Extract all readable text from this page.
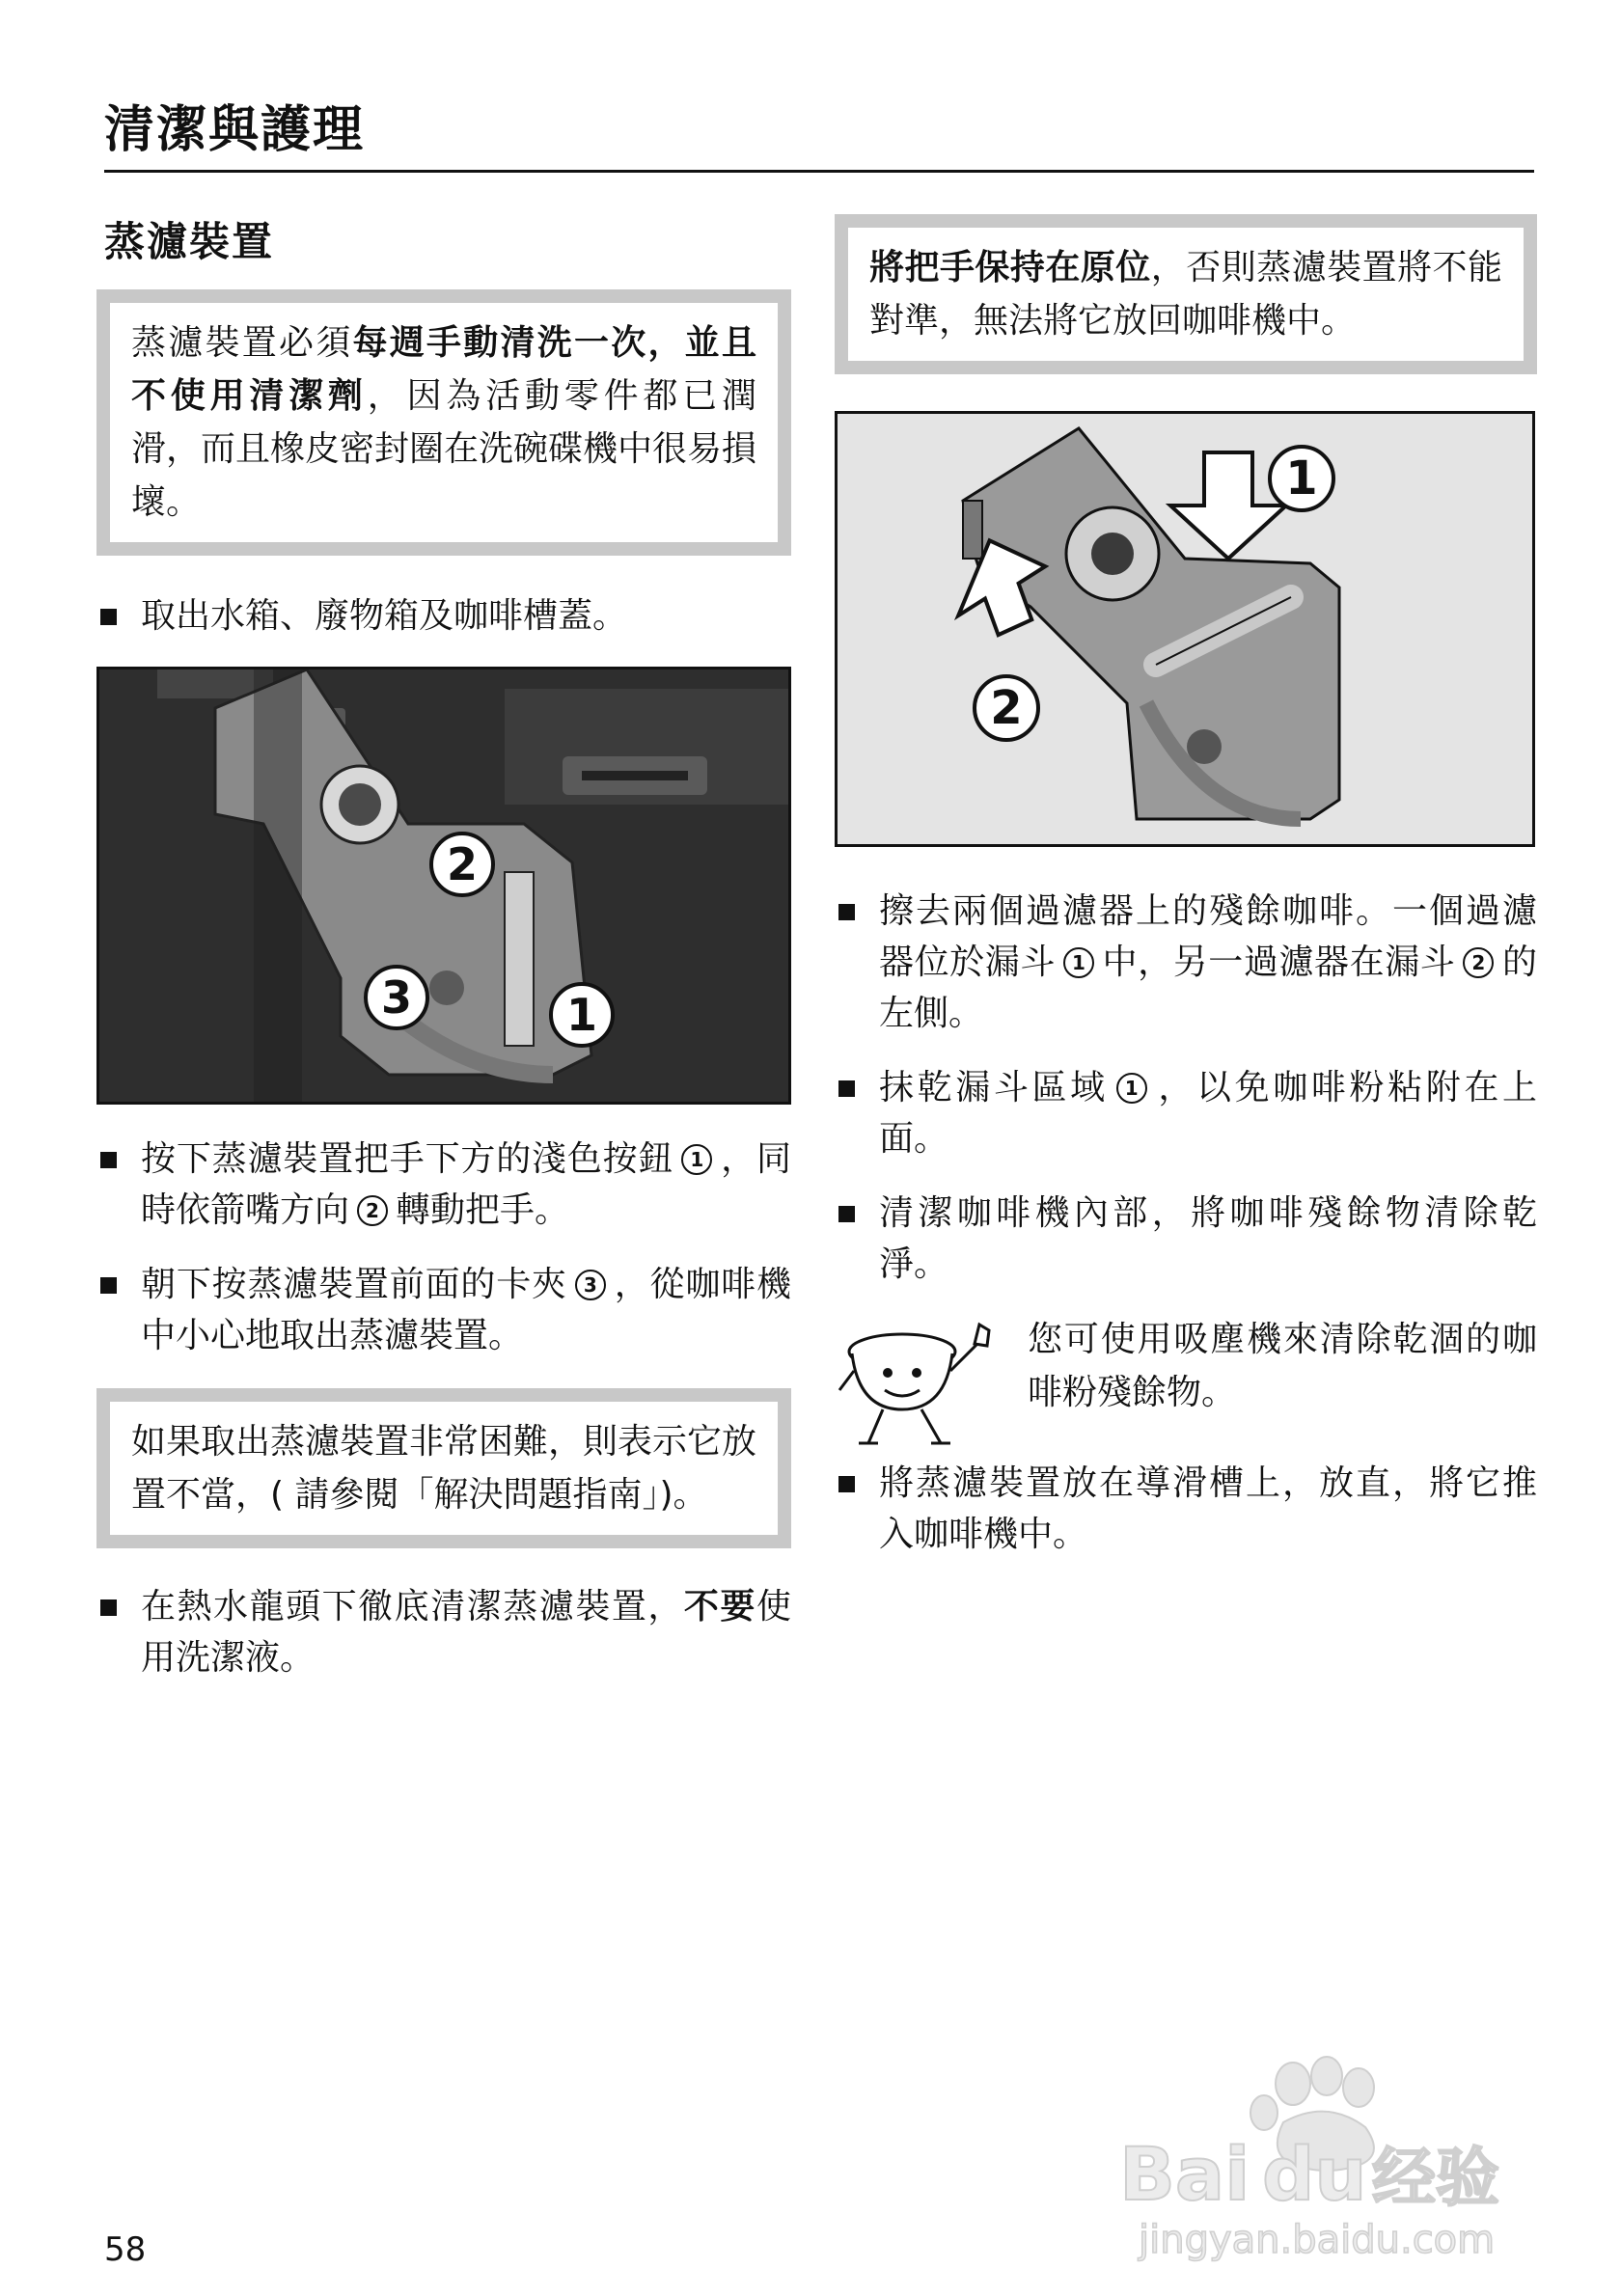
清潔與護理
蒸濾裝置
蒸濾裝置必須每週手動清洗一次，並且不使用清潔劑，因為活動零件都已潤滑，而且橡皮密封圈在洗碗碟機中很易損壞。

取出水箱、廢物箱及咖啡槽蓋。

2
3	1

按下蒸濾裝置把手下方的淺色按鈕 1 ，同時依箭嘴方向 2 轉動把手。

朝下按蒸濾裝置前面的卡夾 3 ，從咖啡機中小心地取出蒸濾裝置。

如果取出蒸濾裝置非常困難，則表示它放置不當，( 請參閱「解決問題指南」)。

在熱水龍頭下徹底清潔蒸濾裝置，不要使用洗潔液。

將把手保持在原位，否則蒸濾裝置將不能對準，無法將它放回咖啡機中。
1
2

擦去兩個過濾器上的殘餘咖啡。一個過濾器位於漏斗 1 中，另一過濾器在漏斗 2 的左側。

抹乾漏斗區域 1 ，以免咖啡粉粘附在上面。

清潔咖啡機內部，將咖啡殘餘物清除乾淨。

您可使用吸塵機來清除乾涸的咖啡粉殘餘物。

將蒸濾裝置放在導滑槽上，放直，將它推入咖啡機中。

58
Bai du 经验
jingyan.baidu.com
